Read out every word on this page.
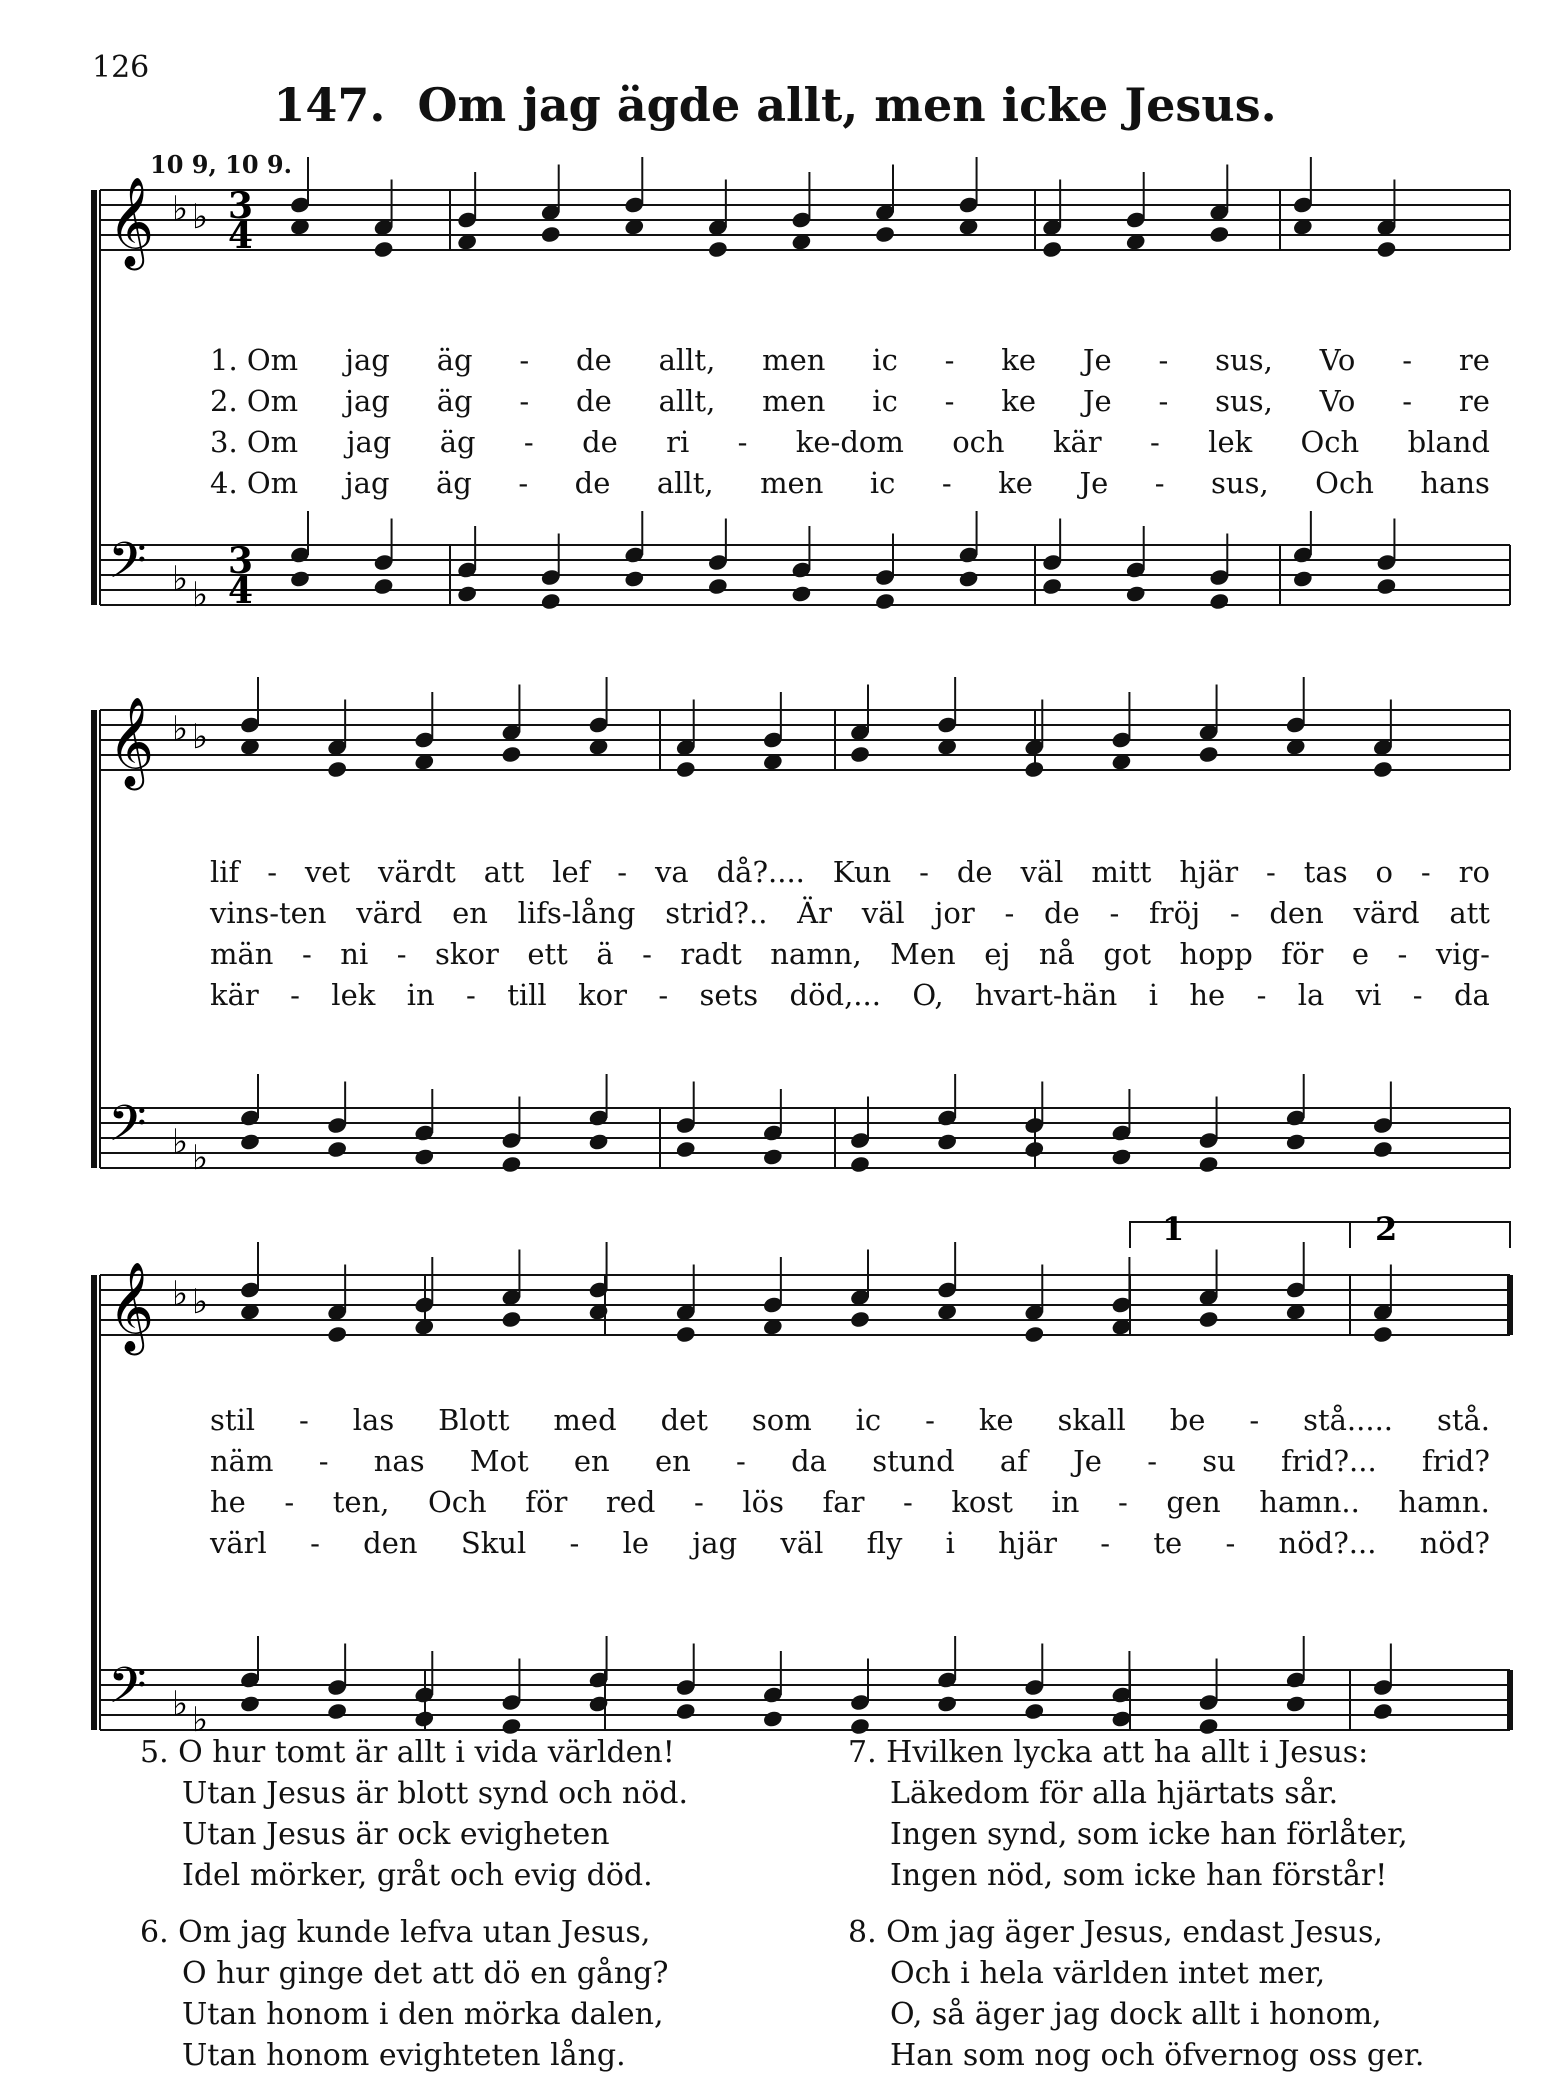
126
147. Om jag ägde allt, men icke Jesus.
10 9, 10 9.
𝄞
𝄢
♭
♭
♭
♭
3
3
4
4
𝄞
𝄢
♭
♭
♭
♭
𝄞
𝄢
♭
♭
♭
♭
1	2
1. Om jag äg - de allt, men ic - ke Je - sus, Vo - re
2. Om jag äg - de allt, men ic - ke Je - sus, Vo - re
3. Om jag äg - de ri - ke-dom och kär - lek Och bland
4. Om jag äg - de allt, men ic - ke Je - sus, Och hans
lif - vet värdt att lef - va då?.... Kun - de väl mitt hjär - tas o - ro
vins-ten värd en lifs-lång strid?.. Är väl jor - de - fröj - den värd att
män - ni - skor ett ä - radt namn, Men ej nå got hopp för e - vig-
kär - lek in - till kor - sets död,... O, hvart-hän i he - la vi - da
stil - las Blott med det som ic - ke skall be - stå..... stå.
näm - nas Mot en en - da stund af Je - su frid?... frid?
he - ten, Och för red - lös far - kost in - gen hamn.. hamn.
värl - den Skul - le jag väl fly i hjär - te - nöd?... nöd?
5. O hur tomt är allt i vida världen!
Utan Jesus är blott synd och nöd.
Utan Jesus är ock evigheten
Idel mörker, gråt och evig död.
6. Om jag kunde lefva utan Jesus,
O hur ginge det att dö en gång?
Utan honom i den mörka dalen,
Utan honom evighteten lång.
7. Hvilken lycka att ha allt i Jesus:
Läkedom för alla hjärtats sår.
Ingen synd, som icke han förlåter,
Ingen nöd, som icke han förstår!
8. Om jag äger Jesus, endast Jesus,
Och i hela världen intet mer,
O, så äger jag dock allt i honom,
Han som nog och öfvernog oss ger.
